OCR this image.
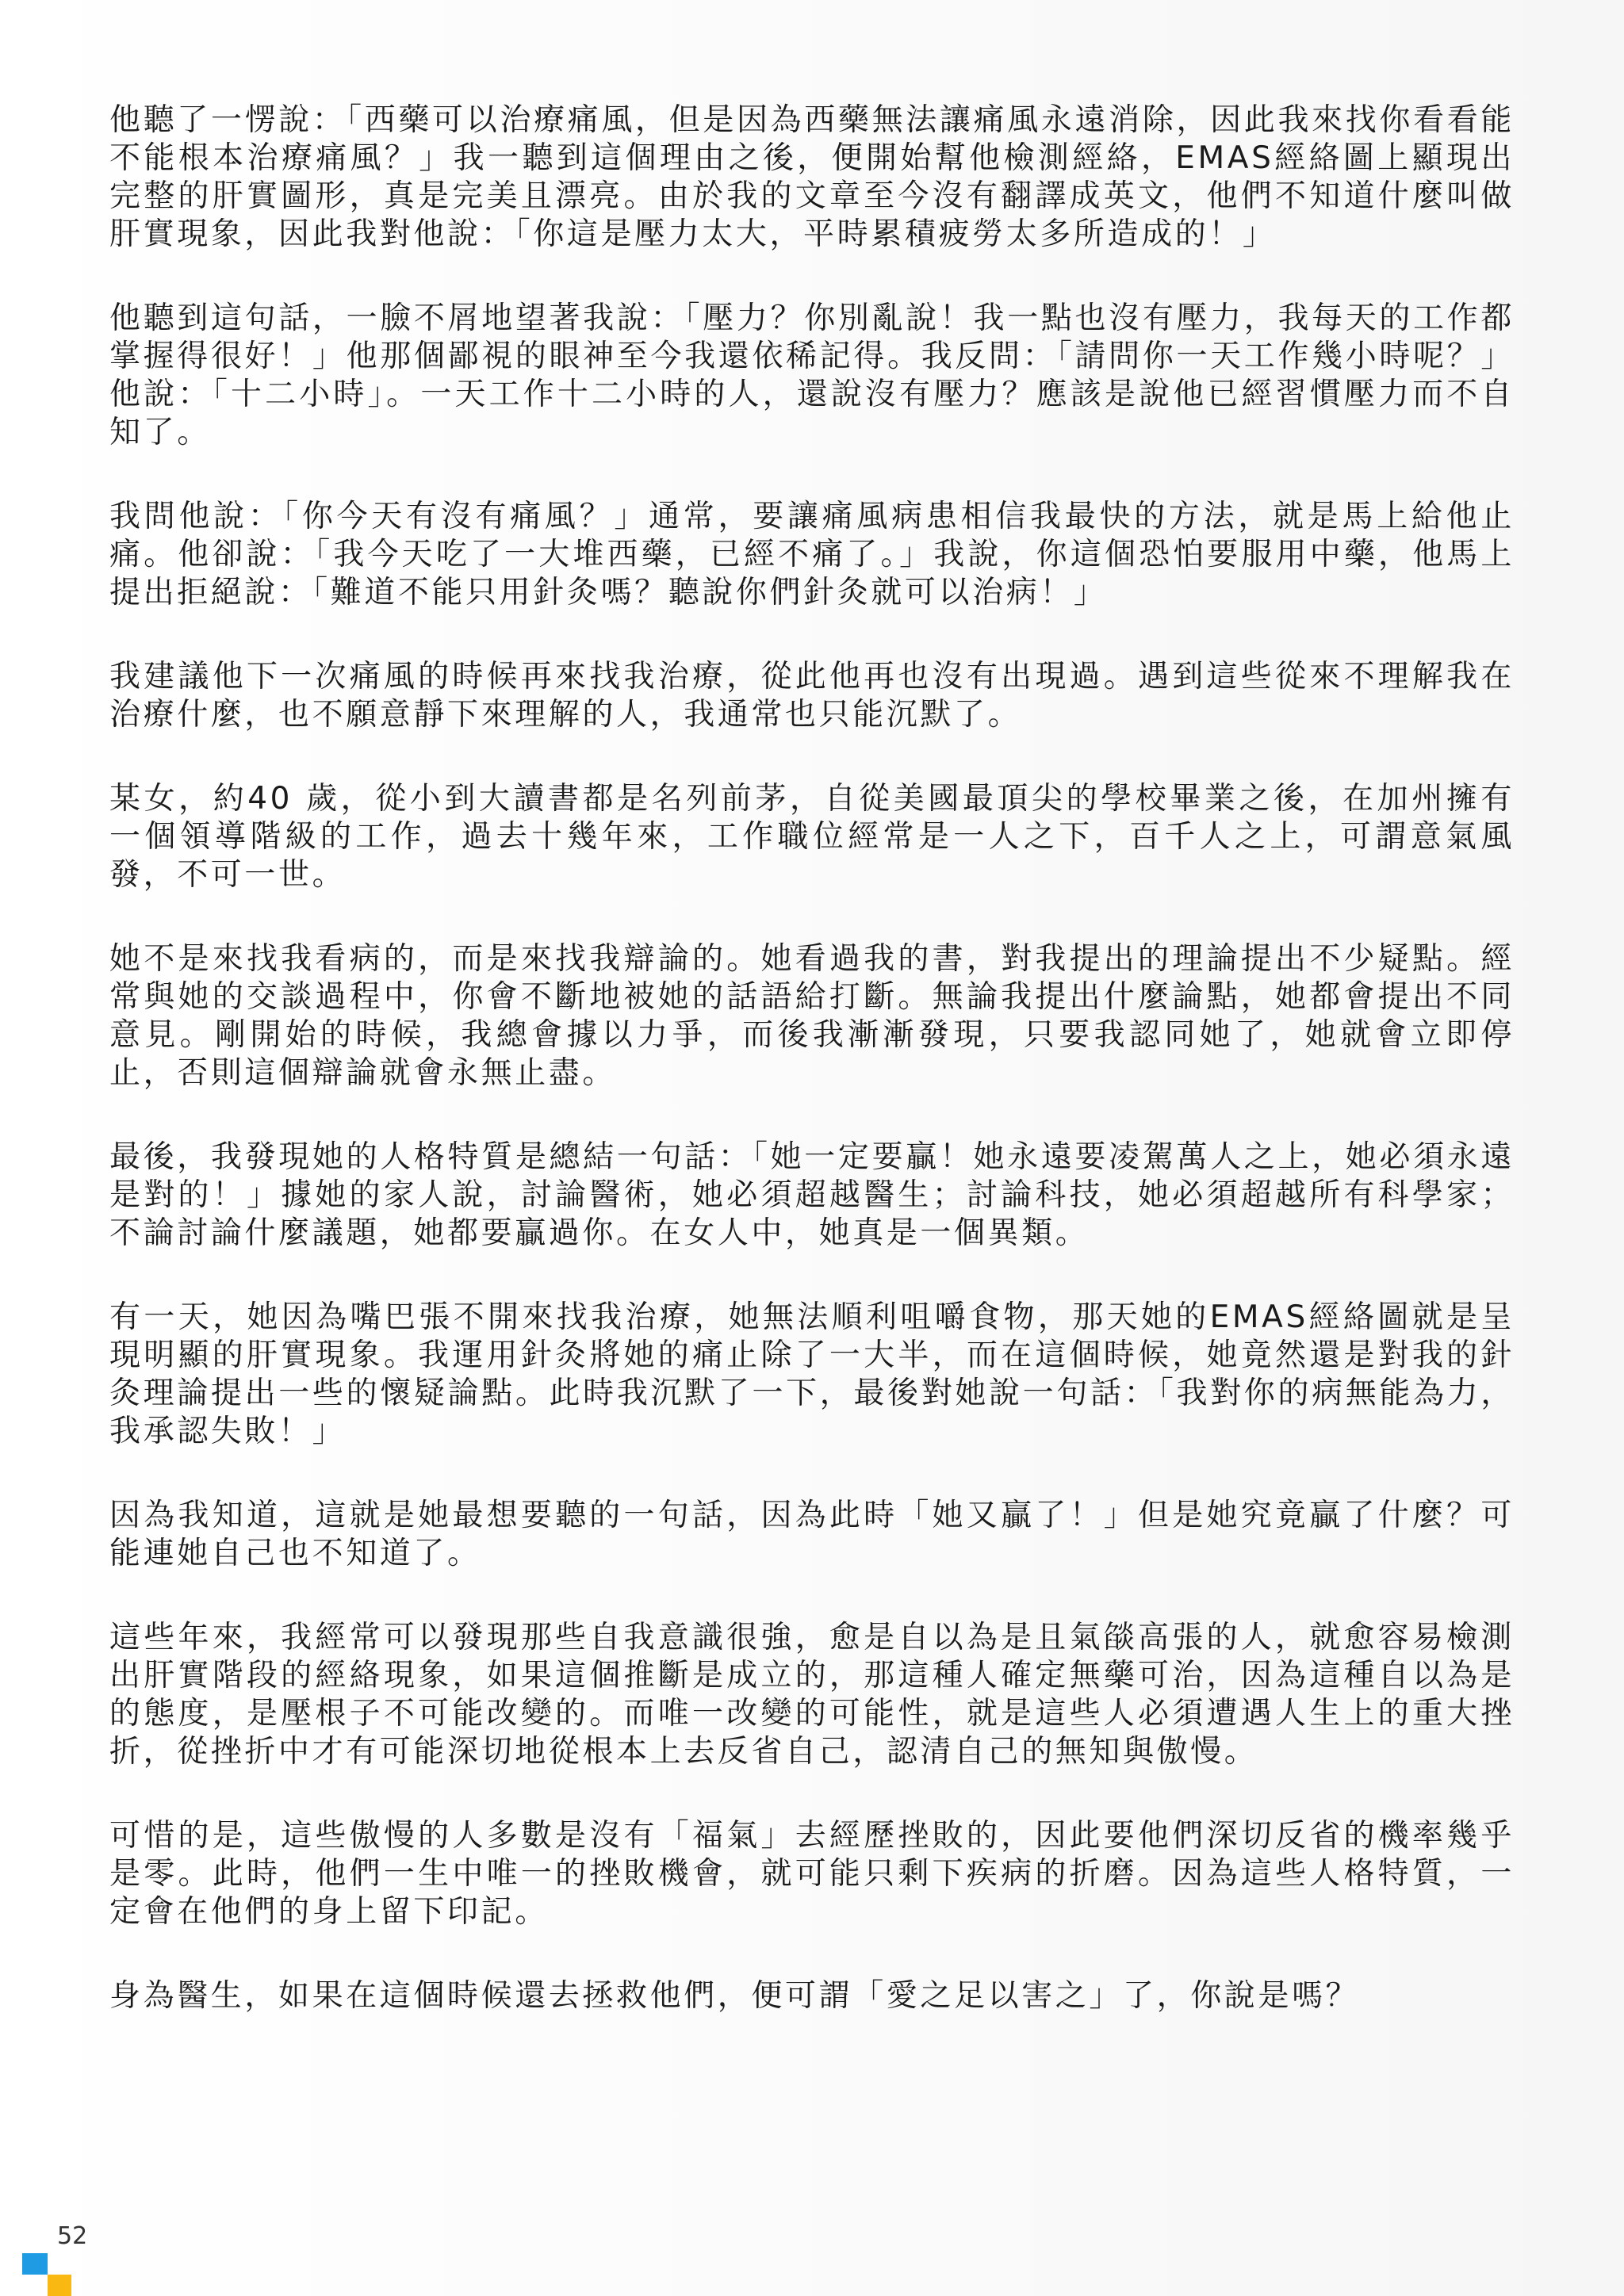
他聽了一愣說：「西藥可以治療痛風，但是因為西藥無法讓痛風永遠消除，因此我來找你看看能不能根本治療痛風？」我一聽到這個理由之後，便開始幫他檢測經絡，EMAS經絡圖上顯現出完整的肝實圖形，真是完美且漂亮。由於我的文章至今沒有翻譯成英文，他們不知道什麼叫做肝實現象，因此我對他說：「你這是壓力太大，平時累積疲勞太多所造成的！」

他聽到這句話，一臉不屑地望著我說：「壓力？你別亂說！我一點也沒有壓力，我每天的工作都掌握得很好！」他那個鄙視的眼神至今我還依稀記得。我反問：「請問你一天工作幾小時呢？」他說：「十二小時」。一天工作十二小時的人，還說沒有壓力？應該是說他已經習慣壓力而不自知了。

我問他說：「你今天有沒有痛風？」通常，要讓痛風病患相信我最快的方法，就是馬上給他止痛。他卻說：「我今天吃了一大堆西藥，已經不痛了。」我說，你這個恐怕要服用中藥，他馬上提出拒絕說：「難道不能只用針灸嗎？聽說你們針灸就可以治病！」

我建議他下一次痛風的時候再來找我治療，從此他再也沒有出現過。遇到這些從來不理解我在治療什麼，也不願意靜下來理解的人，我通常也只能沉默了。

某女，約40 歲，從小到大讀書都是名列前茅，自從美國最頂尖的學校畢業之後，在加州擁有一個領導階級的工作，過去十幾年來，工作職位經常是一人之下，百千人之上，可謂意氣風發，不可一世。

她不是來找我看病的，而是來找我辯論的。她看過我的書，對我提出的理論提出不少疑點。經常與她的交談過程中，你會不斷地被她的話語給打斷。無論我提出什麼論點，她都會提出不同意見。剛開始的時候，我總會據以力爭，而後我漸漸發現，只要我認同她了，她就會立即停止，否則這個辯論就會永無止盡。

最後，我發現她的人格特質是總結一句話：「她一定要贏！她永遠要凌駕萬人之上，她必須永遠是對的！」據她的家人說，討論醫術，她必須超越醫生；討論科技，她必須超越所有科學家；不論討論什麼議題，她都要贏過你。在女人中，她真是一個異類。

有一天，她因為嘴巴張不開來找我治療，她無法順利咀嚼食物，那天她的EMAS經絡圖就是呈現明顯的肝實現象。我運用針灸將她的痛止除了一大半，而在這個時候，她竟然還是對我的針灸理論提出一些的懷疑論點。此時我沉默了一下，最後對她說一句話：「我對你的病無能為力，我承認失敗！」

因為我知道，這就是她最想要聽的一句話，因為此時「她又贏了！」但是她究竟贏了什麼？可能連她自己也不知道了。

這些年來，我經常可以發現那些自我意識很強，愈是自以為是且氣燄高張的人，就愈容易檢測出肝實階段的經絡現象，如果這個推斷是成立的，那這種人確定無藥可治，因為這種自以為是的態度，是壓根子不可能改變的。而唯一改變的可能性，就是這些人必須遭遇人生上的重大挫折，從挫折中才有可能深切地從根本上去反省自己，認清自己的無知與傲慢。

可惜的是，這些傲慢的人多數是沒有「福氣」去經歷挫敗的，因此要他們深切反省的機率幾乎是零。此時，他們一生中唯一的挫敗機會，就可能只剩下疾病的折磨。因為這些人格特質，一定會在他們的身上留下印記。

身為醫生，如果在這個時候還去拯救他們，便可謂「愛之足以害之」了，你說是嗎？

52
